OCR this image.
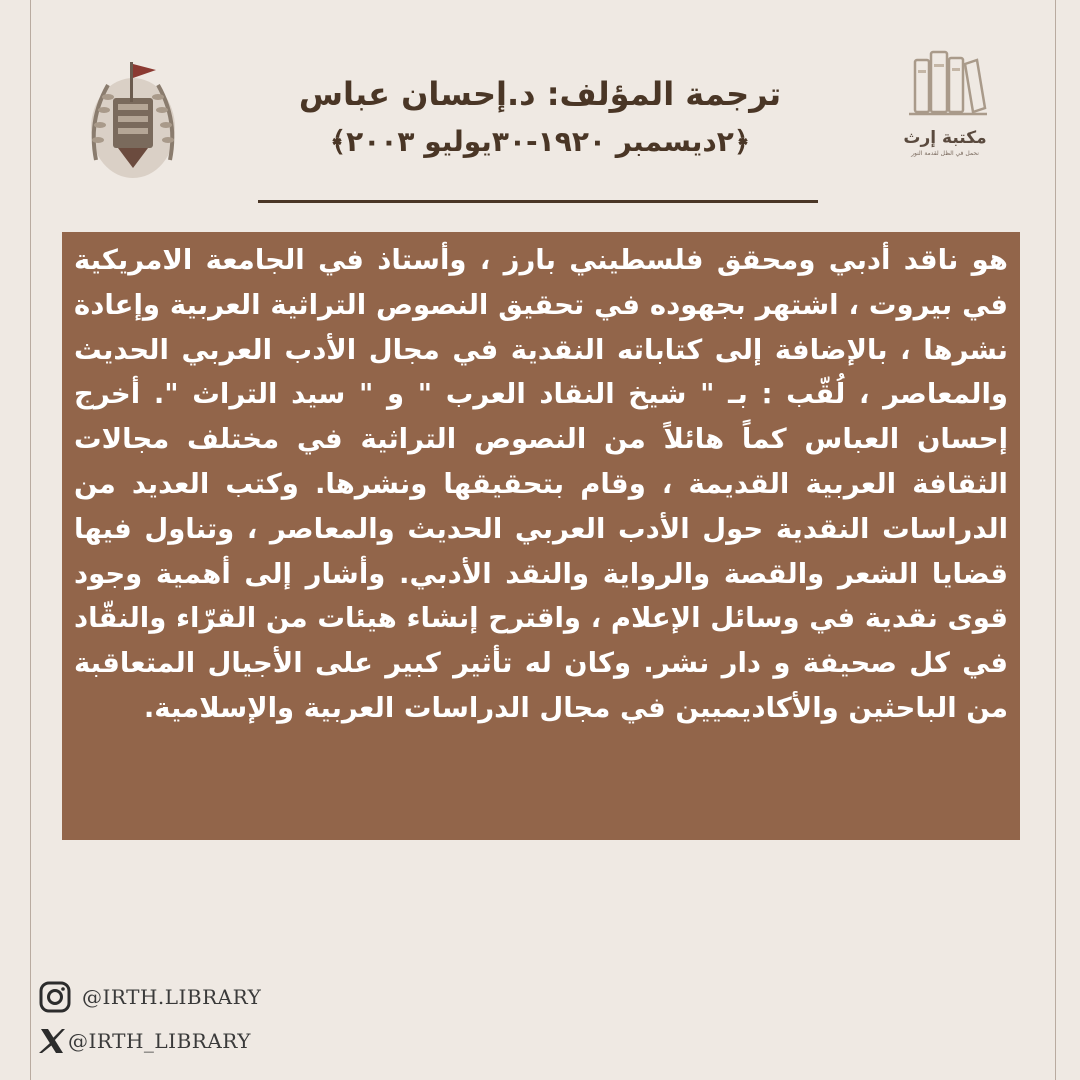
مكتبة إرث
نحمل في الظل لقدمة النور
ترجمة المؤلف: د.إحسان عباس
﴿٢ديسمبر ١٩٢٠-٣٠يوليو ٢٠٠٣﴾
هو ناقد أدبي ومحقق فلسطيني بارز ، وأستاذ في الجامعة الامريكية في بيروت ، اشتهر بجهوده في تحقيق النصوص التراثية العربية وإعادة نشرها ، بالإضافة إلى كتاباته النقدية في مجال الأدب العربي الحديث والمعاصر ، لُقّب : بـ " شيخ النقاد العرب " و " سيد التراث ". أخرج إحسان العباس كماً هائلاً من النصوص التراثية في مختلف مجالات الثقافة العربية القديمة ، وقام بتحقيقها ونشرها. وكتب العديد من الدراسات النقدية حول الأدب العربي الحديث والمعاصر ، وتناول فيها قضايا الشعر والقصة والرواية والنقد الأدبي. وأشار إلى أهمية وجود قوى نقدية في وسائل الإعلام ، واقترح إنشاء هيئات من القرّاء والنقّاد في كل صحيفة و دار نشر. وكان له تأثير كبير على الأجيال المتعاقبة من الباحثين والأكاديميين في مجال الدراسات العربية والإسلامية.
@IRTH.LIBRARY
@IRTH_LIBRARY
